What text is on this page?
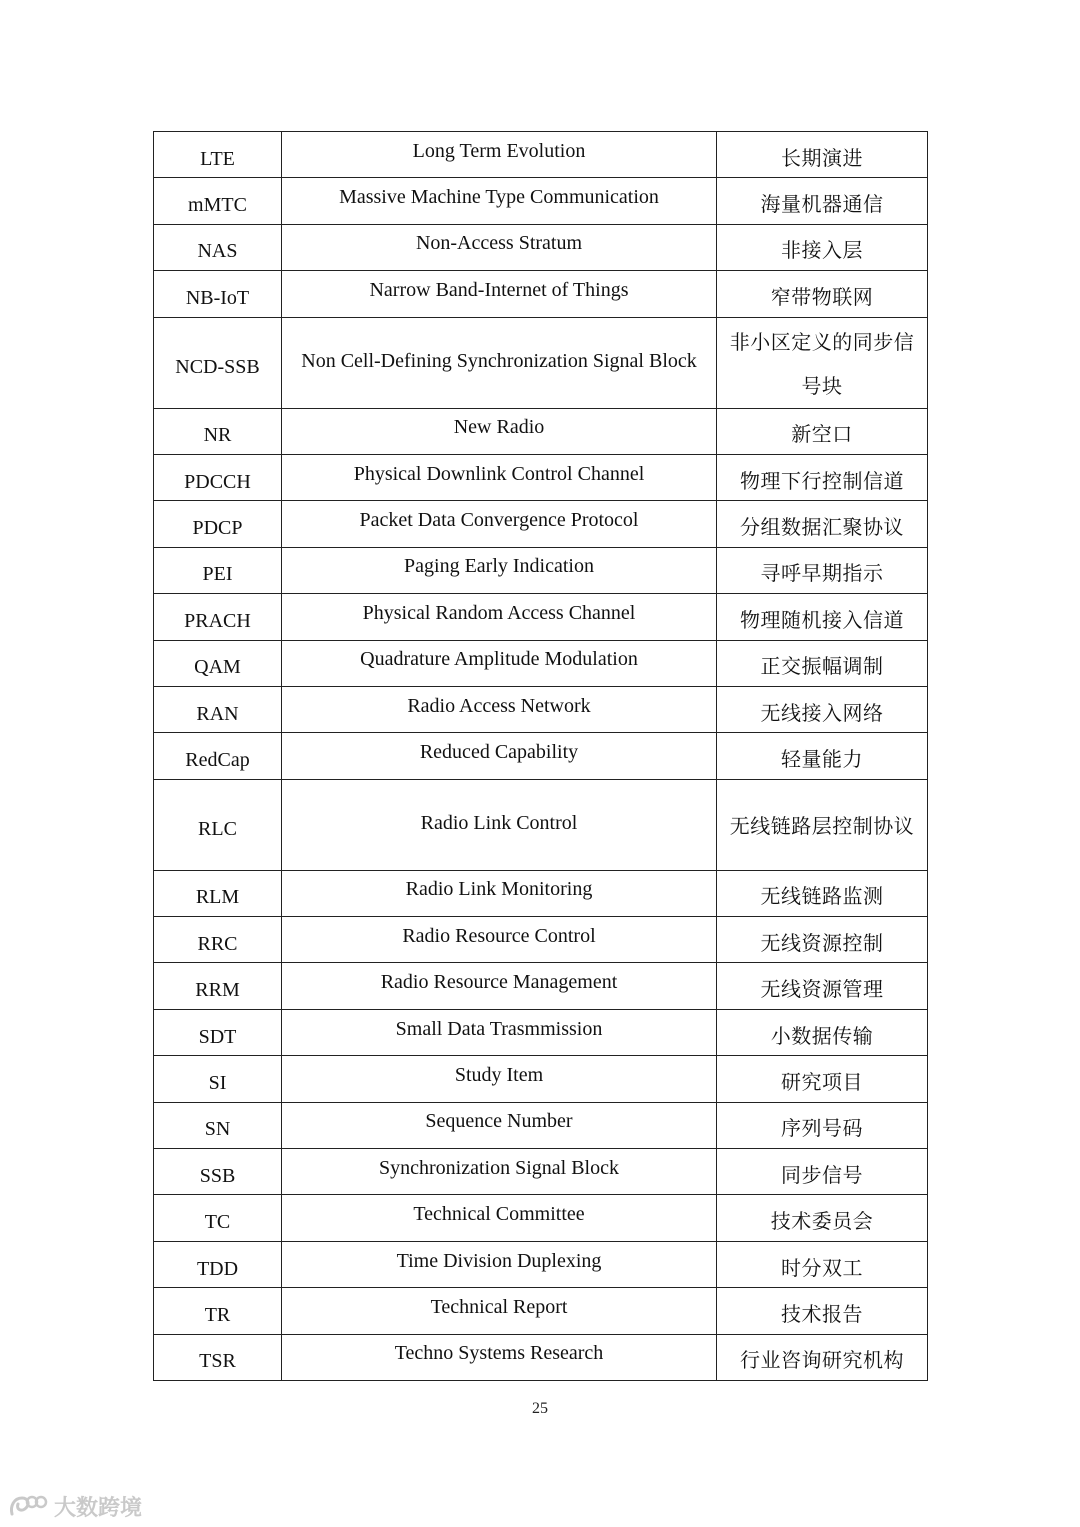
LTE	Long Term Evolution	长期演进
mMTC	Massive Machine Type Communication	海量机器通信
NAS	Non-Access Stratum	非接入层
NB-IoT	Narrow Band-Internet of Things	窄带物联网
NCD-SSB	Non Cell-Defining Synchronization Signal Block	非小区定义的同步信号块
NR	New Radio	新空口
PDCCH	Physical Downlink Control Channel	物理下行控制信道
PDCP	Packet Data Convergence Protocol	分组数据汇聚协议
PEI	Paging Early Indication	寻呼早期指示
PRACH	Physical Random Access Channel	物理随机接入信道
QAM	Quadrature Amplitude Modulation	正交振幅调制
RAN	Radio Access Network	无线接入网络
RedCap	Reduced Capability	轻量能力
RLC	Radio Link Control	无线链路层控制协议
RLM	Radio Link Monitoring	无线链路监测
RRC	Radio Resource Control	无线资源控制
RRM	Radio Resource Management	无线资源管理
SDT	Small Data Trasmmission	小数据传输
SI	Study Item	研究项目
SN	Sequence Number	序列号码
SSB	Synchronization Signal Block	同步信号
TC	Technical Committee	技术委员会
TDD	Time Division Duplexing	时分双工
TR	Technical Report	技术报告
TSR	Techno Systems Research	行业咨询研究机构
25
大数跨境
